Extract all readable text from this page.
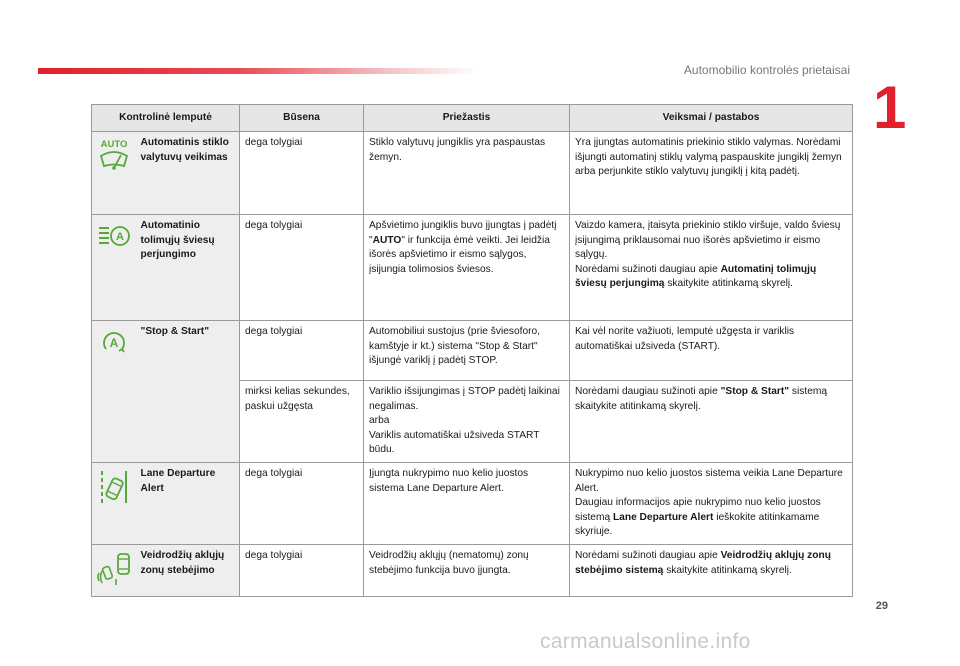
Automobilio kontrolės prietaisai
1
Kontrolinė lemputė		Būsena	Priežastis	Veiksmai / pastabos

AUTO	Automatinis stiklo valytuvų veikimas	dega tolygiai	Stiklo valytuvų jungiklis yra paspaustas žemyn.	Yra įjungtas automatinis priekinio stiklo valymas. Norėdami išjungti automatinį stiklų valymą paspauskite jungiklį žemyn arba perjunkite stiklo valytuvų jungiklį į kitą padėtį.

A	Automatinio tolimųjų šviesų perjungimo	dega tolygiai	Apšvietimo jungiklis buvo įjungtas į padėtį "AUTO" ir funkcija ėmė veikti. Jei leidžia išorės apšvietimo ir eismo sąlygos, įsijungia tolimosios šviesos.	Vaizdo kamera, įtaisyta priekinio stiklo viršuje, valdo šviesų įsijungimą priklausomai nuo išorės apšvietimo ir eismo sąlygų.
Norėdami sužinoti daugiau apie Automatinį tolimųjų šviesų perjungimą skaitykite atitinkamą skyrelį.

A	"Stop & Start"	dega tolygiai	Automobiliui sustojus (prie šviesoforo, kamštyje ir kt.) sistema "Stop & Start" išjungė variklį į padėtį STOP.	Kai vėl norite važiuoti, lemputė užgęsta ir variklis automatiškai užsiveda (START).
		mirksi kelias sekundes, paskui užgęsta	Variklio išsijungimas į STOP padėtį laikinai negalimas.
arba
Variklis automatiškai užsiveda START būdu.	Norėdami daugiau sužinoti apie "Stop & Start" sistemą skaitykite atitinkamą skyrelį.
	Lane Departure Alert	dega tolygiai	Įjungta nukrypimo nuo kelio juostos sistema Lane Departure Alert.	Nukrypimo nuo kelio juostos sistema veikia Lane Departure Alert.
Daugiau informacijos apie nukrypimo nuo kelio juostos sistemą Lane Departure Alert ieškokite atitinkamame skyriuje.
	Veidrodžių aklųjų zonų stebėjimo	dega tolygiai	Veidrodžių aklųjų (nematomų) zonų stebėjimo funkcija buvo įjungta.	Norėdami sužinoti daugiau apie Veidrodžių aklųjų zonų stebėjimo sistemą skaitykite atitinkamą skyrelį.
29
carmanualsonline.info
